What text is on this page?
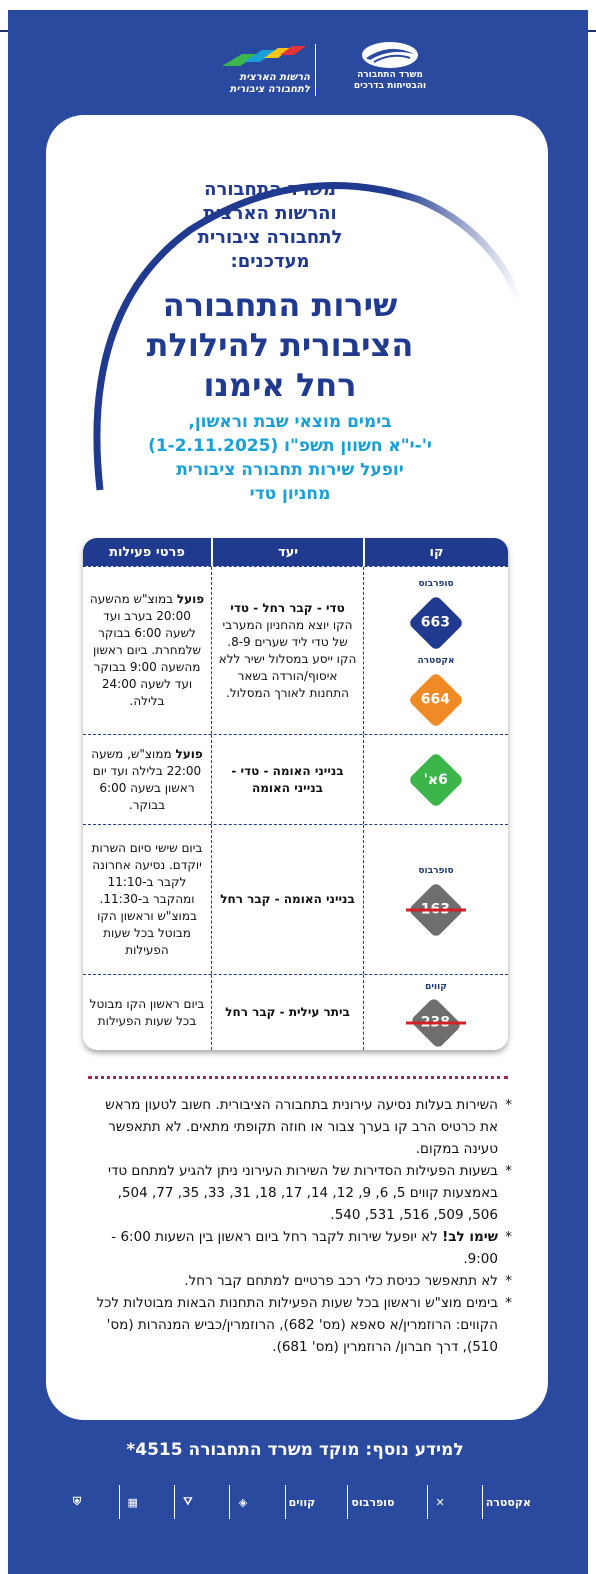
משרד התחבורה
והבטיחות בדרכים
הרשות הארצית
לתחבורה ציבורית
משרד התחבורה
והרשות הארצית
לתחבורה ציבורית
מעדכנים:
שירות התחבורה
הציבורית להילולת
רחל אימנו
בימים מוצאי שבת וראשון,
י'-י"א חשוון תשפ"ו (1-2.11.2025)
יופעל שירות תחבורה ציבורית
מחניון טדי
קו
יעד
פרטי פעילות
סופרבוס
663
אקסטרה
664
טדי - קבר רחל - טדי
הקו יוצא מהחניון המערבי של טדי ליד שערים 8-9. הקו ייסע במסלול ישיר ללא איסוף/הורדה בשאר התחנות לאורך המסלול.
פועל במוצ"ש מהשעה 20:00 בערב ועד לשעה 6:00 בבוקר שלמחרת. ביום ראשון מהשעה 9:00 בבוקר ועד לשעה 24:00 בלילה.
6א'
בנייני האומה - טדי - בנייני האומה
פועל ממוצ"ש, משעה 22:00 בלילה ועד יום ראשון בשעה 6:00 בבוקר.
סופרבוס
בנייני האומה - קבר רחל
ביום שישי סיום השרות יוקדם. נסיעה אחרונה לקבר ב-11:10 ומהקבר ב-11:30. במוצ"ש וראשון הקו מבוטל בכל שעות הפעילות
קווים
ביתר עילית - קבר רחל
ביום ראשון הקו מבוטל בכל שעות הפעילות
* השירות בעלות נסיעה עירונית בתחבורה הציבורית. חשוב לטעון מראש את כרטיס הרב קו בערך צבור או חוזה תקופתי מתאים. לא תתאפשר טעינה במקום.
* בשעות הפעילות הסדירות של השירות העירוני ניתן להגיע למתחם טדי באמצעות קווים 5, 6, 9, 12, 14, 17, 18, 31, 33, 35, 77, 504, 506, 509, 516, 531, 540.
* שימו לב! לא יופעל שירות לקבר רחל ביום ראשון בין השעות 6:00 - 9:00.
* לא תתאפשר כניסת כלי רכב פרטיים למתחם קבר רחל.
* בימים מוצ"ש וראשון בכל שעות הפעילות התחנות הבאות מבוטלות לכל הקווים: הרוזמרין/א סאפא (מס' 682), הרוזמרין/כביש המנהרות (מס' 510), דרך חברון/ הרוזמרין (מס' 681).
למידע נוסף: מוקד משרד התחבורה 4515*
אקסטרה
✕
סופרבוס
קווים
◈
⛛
▦
⛨
